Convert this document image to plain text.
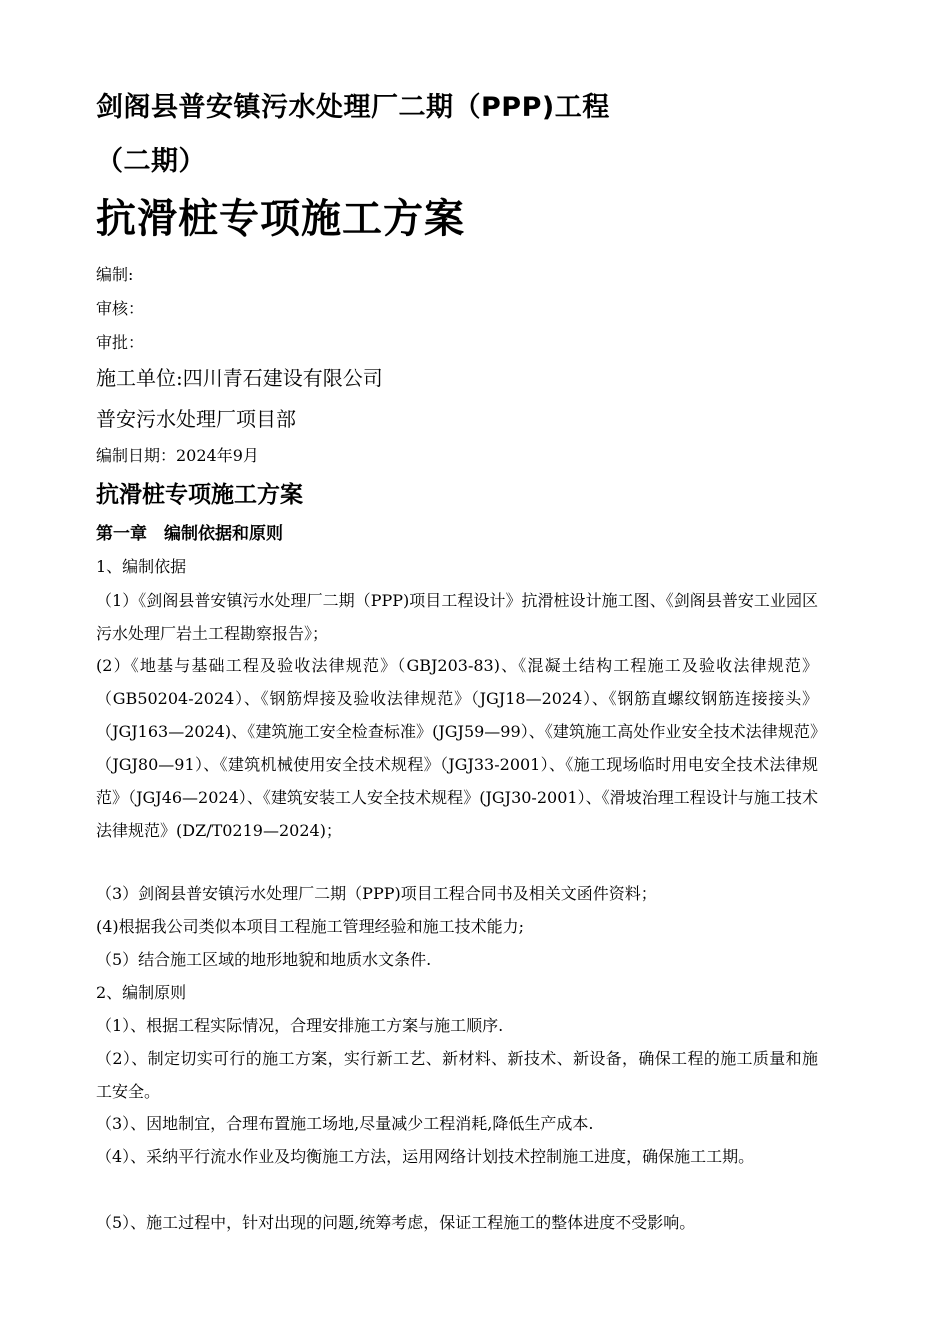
剑阁县普安镇污水处理厂二期（PPP)工程
（二期）
抗滑桩专项施工方案
编制:
审核：
审批：
施工单位:四川青石建设有限公司
普安污水处理厂项目部
编制日期：2024年9月
抗滑桩专项施工方案
第一章　编制依据和原则
1、编制依据
（1）《剑阁县普安镇污水处理厂二期（PPP)项目工程设计》抗滑桩设计施工图、《剑阁县普安工业园区污水处理厂岩土工程勘察报告》；
(2）《地基与基础工程及验收法律规范》（GBJ203-83)、《混凝土结构工程施工及验收法律规范》（GB50204-2024）、《钢筋焊接及验收法律规范》（JGJ18—2024）、《钢筋直螺纹钢筋连接接头》（JGJ163—2024)、《建筑施工安全检查标准》(JGJ59—99）、《建筑施工高处作业安全技术法律规范》（JGJ80—91）、《建筑机械使用安全技术规程》（JGJ33-2001）、《施工现场临时用电安全技术法律规范》（JGJ46—2024）、《建筑安装工人安全技术规程》(JGJ30-2001）、《滑坡治理工程设计与施工技术法律规范》(DZ/T0219—2024)；
（3）剑阁县普安镇污水处理厂二期（PPP)项目工程合同书及相关文函件资料；
(4)根据我公司类似本项目工程施工管理经验和施工技术能力;
（5）结合施工区域的地形地貌和地质水文条件.
2、编制原则
（1）、根据工程实际情况，合理安排施工方案与施工顺序.
（2）、制定切实可行的施工方案，实行新工艺、新材料、新技术、新设备，确保工程的施工质量和施工安全。
（3）、因地制宜，合理布置施工场地,尽量减少工程消耗,降低生产成本.
（4）、采纳平行流水作业及均衡施工方法，运用网络计划技术控制施工进度，确保施工工期。
（5）、施工过程中，针对出现的问题,统筹考虑，保证工程施工的整体进度不受影响。
